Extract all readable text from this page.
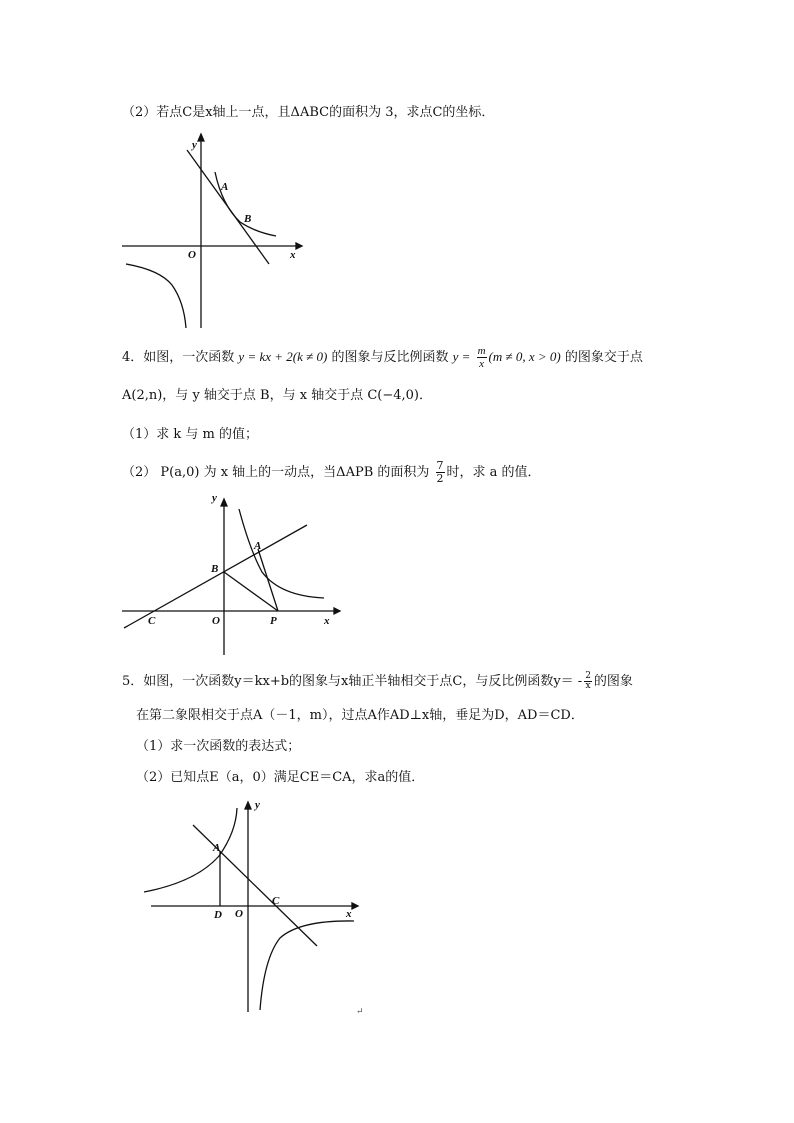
（2）若点C是x轴上一点，且ΔABC的面积为 3，求点C的坐标．
y
x
O
A
B
4．如图，一次函数 y = kx + 2(k ≠ 0) 的图象与反比例函数 $y = \frac{m}{x} (m \ne 0$, x > 0) 的图象交于点
A(2,n)，与 y 轴交于点 B，与 x 轴交于点 C(−4,0)．
（1）求 k 与 m 的值；
（2） P(a,0) 为 x 轴上的一动点，当ΔAPB 的面积为 $\frac{7}{2}$ 时，求 a 的值．
y
x
O
A
B
C	P
5．如图，一次函数y＝kx+b的图象与x轴正半轴相交于点C，与反比例函数$y= - \frac{2}{x}$ 的图象
在第二象限相交于点A（－1，m），过点A作AD⊥x轴，垂足为D，AD＝CD．
（1）求一次函数的表达式；
（2）已知点E（a，0）满足CE＝CA，求a的值．
y
x
O
A
C
D
↵
